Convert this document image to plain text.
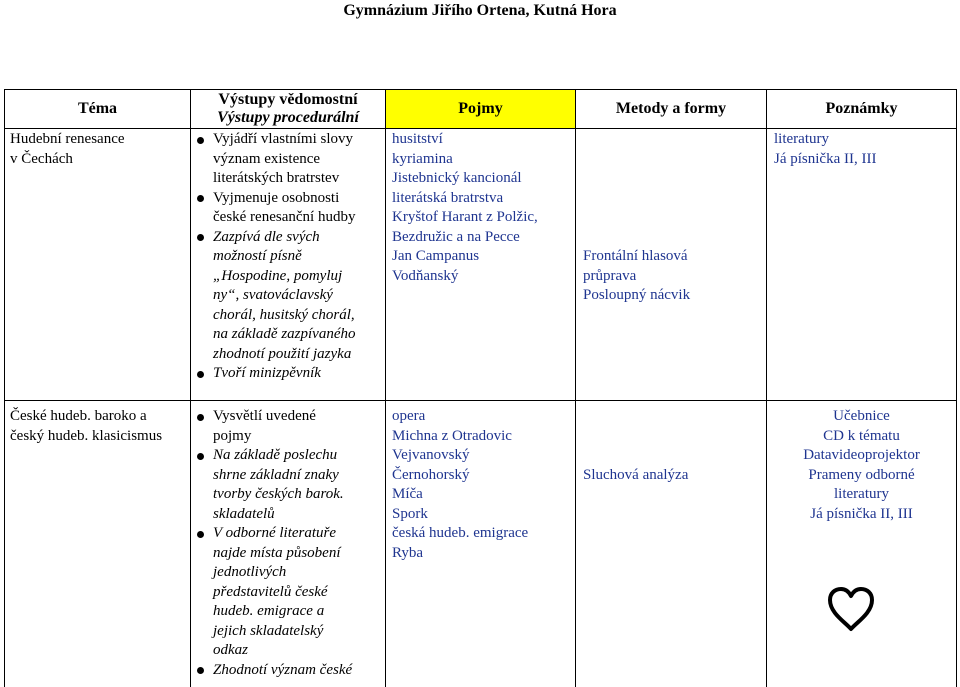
Gymnázium Jiřího Ortena, Kutná Hora
Téma
Výstupy vědomostní
Výstupy procedurální
Pojmy	Metody a formy	Poznámky
Hudební renesance
v Čechách
Vyjádří vlastními slovy
význam existence
literátských bratrstev
Vyjmenuje osobnosti
české renesanční hudby
Zazpívá dle svých
možností písně
„Hospodine, pomyluj
ny“, svatováclavský
chorál, husitský chorál,
na základě zazpívaného
zhodnotí použití jazyka
Tvoří minizpěvník
husitství
kyriamina
Jistebnický kancionál
literátská bratrstva
Kryštof Harant z Polžic,
Bezdružic a na Pecce
Jan Campanus
Vodňanský
Frontální hlasová
průprava
Posloupný nácvik
literatury
Já písnička II, III
České hudeb. baroko a
český hudeb. klasicismus
Vysvětlí uvedené
pojmy
Na základě poslechu
shrne základní znaky
tvorby českých barok.
skladatelů
V odborné literatuře
najde místa působení
jednotlivých
představitelů české
hudeb. emigrace a
jejich skladatelský
odkaz
Zhodnotí význam české
opera
Michna z Otradovic
Vejvanovský
Černohorský
Míča
Spork
česká hudeb. emigrace
Ryba
Sluchová analýza
Učebnice
CD k tématu
Datavideoprojektor
Prameny odborné
literatury
Já písnička II, III
